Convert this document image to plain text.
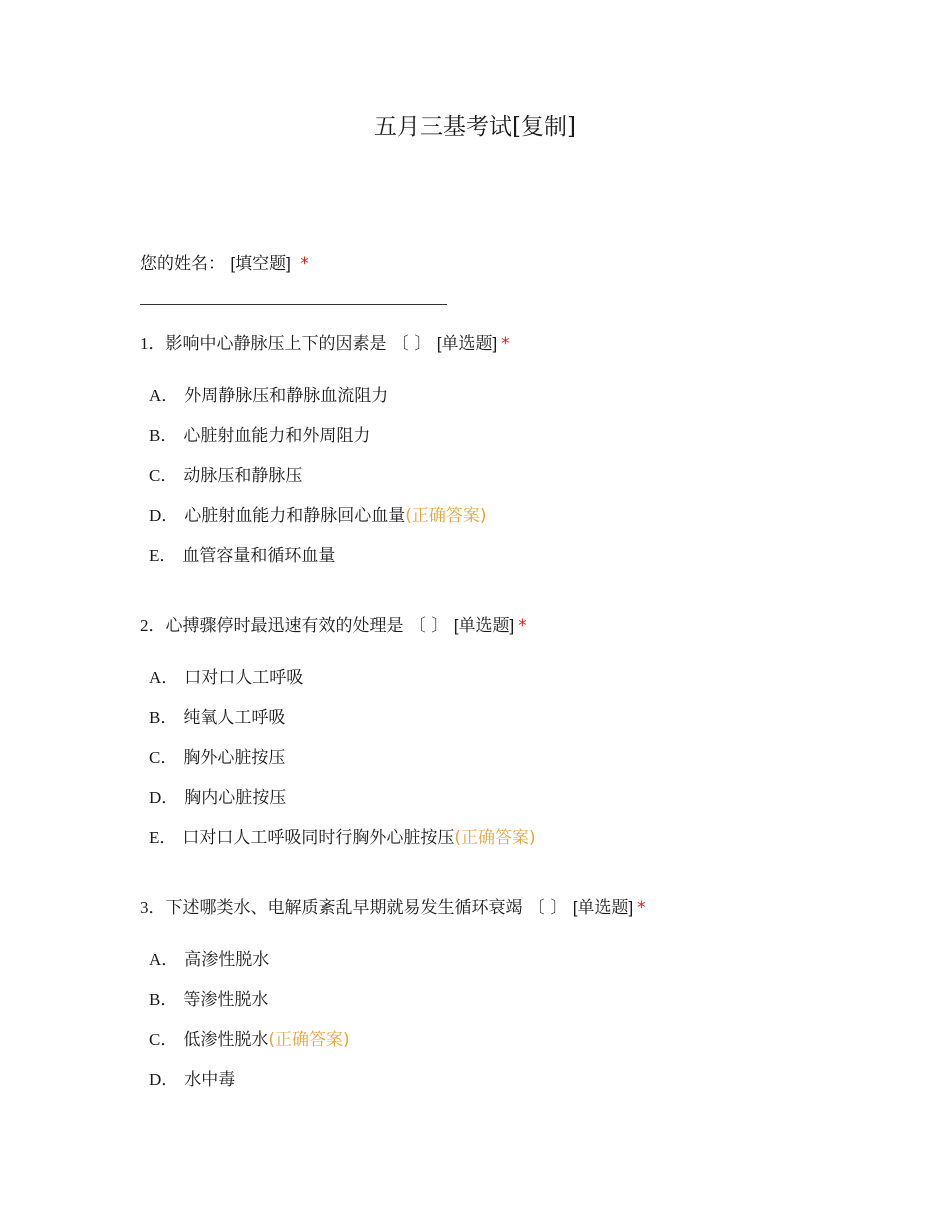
五月三基考试[复制]
您的姓名： [填空题] *
1．影响中心静脉压上下的因素是 〔 〕 [单选题] *
A． 外周静脉压和静脉血流阻力
B． 心脏射血能力和外周阻力
C． 动脉压和静脉压
D． 心脏射血能力和静脉回心血量(正确答案)
E． 血管容量和循环血量
2．心搏骤停时最迅速有效的处理是 〔 〕 [单选题] *
A． 口对口人工呼吸
B． 纯氧人工呼吸
C． 胸外心脏按压
D． 胸内心脏按压
E． 口对口人工呼吸同时行胸外心脏按压(正确答案)
3．下述哪类水、电解质紊乱早期就易发生循环衰竭 〔 〕 [单选题] *
A． 高渗性脱水
B． 等渗性脱水
C． 低渗性脱水(正确答案)
D． 水中毒
